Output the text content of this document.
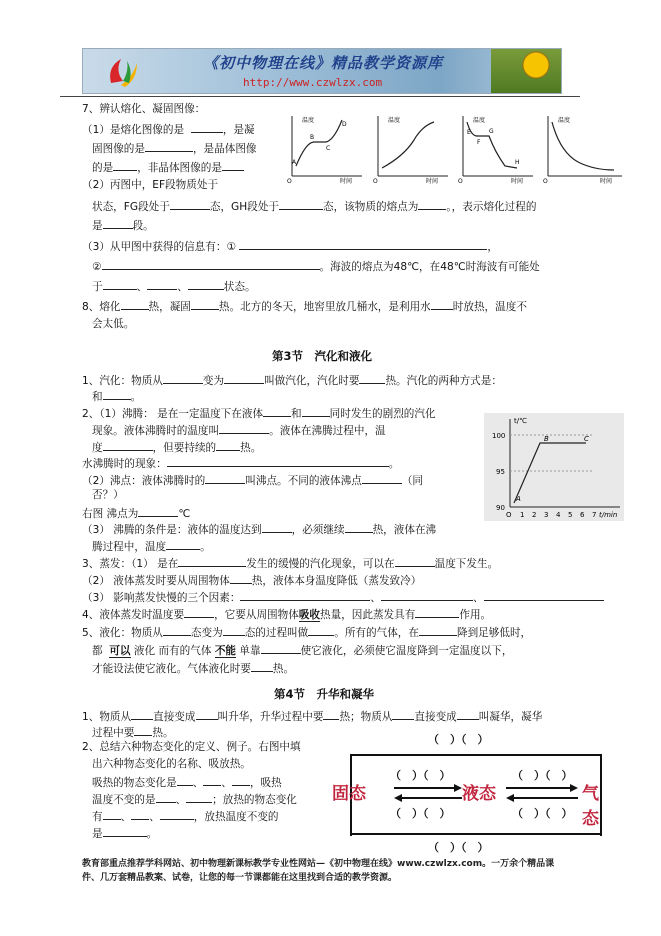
《初中物理在线》精品教学资源库
http://www.czwlzx.com
7、辨认熔化、凝固图像：
（1）是熔化图像的是	，是凝
固图像的是	，是晶体图像
的是 ，非晶体图像的是
（2）丙图中，EF段物质处于
状态，FG段处于	态，GH段处于	态，该物质的熔点为	。，表示熔化过程的
是	段。
（3）从甲图中获得的信息有：①	，
②	。海波的熔点为48℃，在48℃时海波有可能处
于	、	、	状态。
8、熔化	热，凝固	热。北方的冬天，地窖里放几桶水，是利用水 时放热，温度不
会太低。
温度
时间
O
A
B
C
D
温度
时间
O
温度
时间
O
E
F
G
H
温度
时间
O
第3节　汽化和液化
1、汽化：物质从	变为	叫做汽化，汽化时要 热。汽化的两种方式是：
和	。
2、（1）沸腾： 是在一定温度下在液体	和	同时发生的剧烈的汽化
现象。液体沸腾时的温度叫	。液体在沸腾过程中，温
度	，但要持续的 热。
水沸腾时的现象：	。
（2）沸点：液体沸腾时的	叫沸点。不同的液体沸点	（同
否？）
右图 沸点为	℃
（3） 沸腾的条件是：液体的温度达到	，必须继续	热，液体在沸
腾过程中，温度	。
t/℃
100
95
90
O 1 2 3 4 5 6 7 t/min
A
B	C
3、蒸发：（1） 是在	发生的缓慢的汽化现象，可以在	温度下发生。
（2） 液体蒸发时要从周围物体 热，液体本身温度降低（蒸发致冷）
（3） 影响蒸发快慢的三个因素：	、	、
4、液体蒸发时温度要	，它要从周围物体吸收热量，因此蒸发具有	作用。
5、液化：物质从	态变为 态的过程叫做 。所有的气体，在	降到足够低时，
都 可以 液化 而有的气体 不能 单靠	使它液化，必须使它温度降到一定温度以下，
才能设法使它液化。气体液化时要 热。
第4节　升华和凝华
1、物质从 直接变成 叫升华，升华过程中要 热；物质从 直接变成 叫凝华，凝华
过程中要 热。
2、总结六种物态变化的定义、例子。右图中填
出六种物态变化的名称、吸放热。
吸热的物态变化是 、 、 ，吸热
温度不变的是 、 ；放热的物态变化
有 、 、	，放热温度不变的
是	。
固态	液态	气态
（　）（　）
（　）（　）	（　）（　）
（　）（　）	（　）（　）
（　）（　）
教育部重点推荐学科网站、初中物理新课标教学专业性网站—《初中物理在线》www.czwlzx.com。一万余个精品课
件、几万套精品教案、试卷，让您的每一节课都能在这里找到合适的教学资源。
